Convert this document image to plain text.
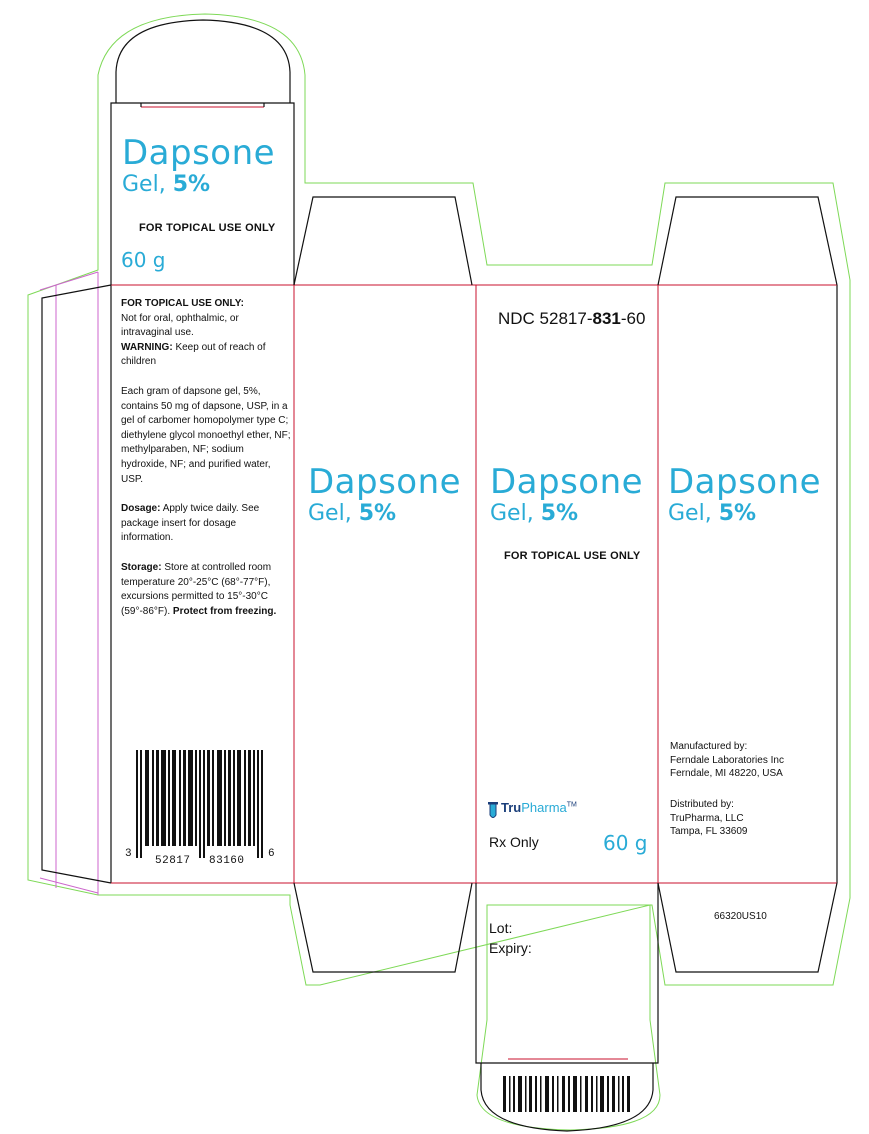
Dapsone
Gel, 5%
FOR TOPICAL USE ONLY
60 g

FOR TOPICAL USE ONLY:

Not for oral, ophthalmic, or intravaginal use.

WARNING: Keep out of reach of children

Each gram of dapsone gel, 5%, contains 50 mg of dapsone, USP, in a gel of carbomer homopolymer type C; diethylene glycol monoethyl ether, NF; methylparaben, NF; sodium hydroxide, NF; and purified water, USP.

Dosage: Apply twice daily. See package insert for dosage information.

Storage: Store at controlled room temperature 20°-25°C (68°-77°F), excursions permitted to 15°-30°C (59°-86°F). Protect from freezing.

3
52817 83160
6
Dapsone
Gel, 5%
NDC 52817-831-60
Dapsone
Gel, 5%
FOR TOPICAL USE ONLY
TruPharma™
Rx Only	60 g
Dapsone
Gel, 5%
Manufactured by:
Ferndale Laboratories Inc
Ferndale, MI 48220, USA
Distributed by:
TruPharma, LLC
Tampa, FL 33609
66320US10
Lot:
Expiry:
